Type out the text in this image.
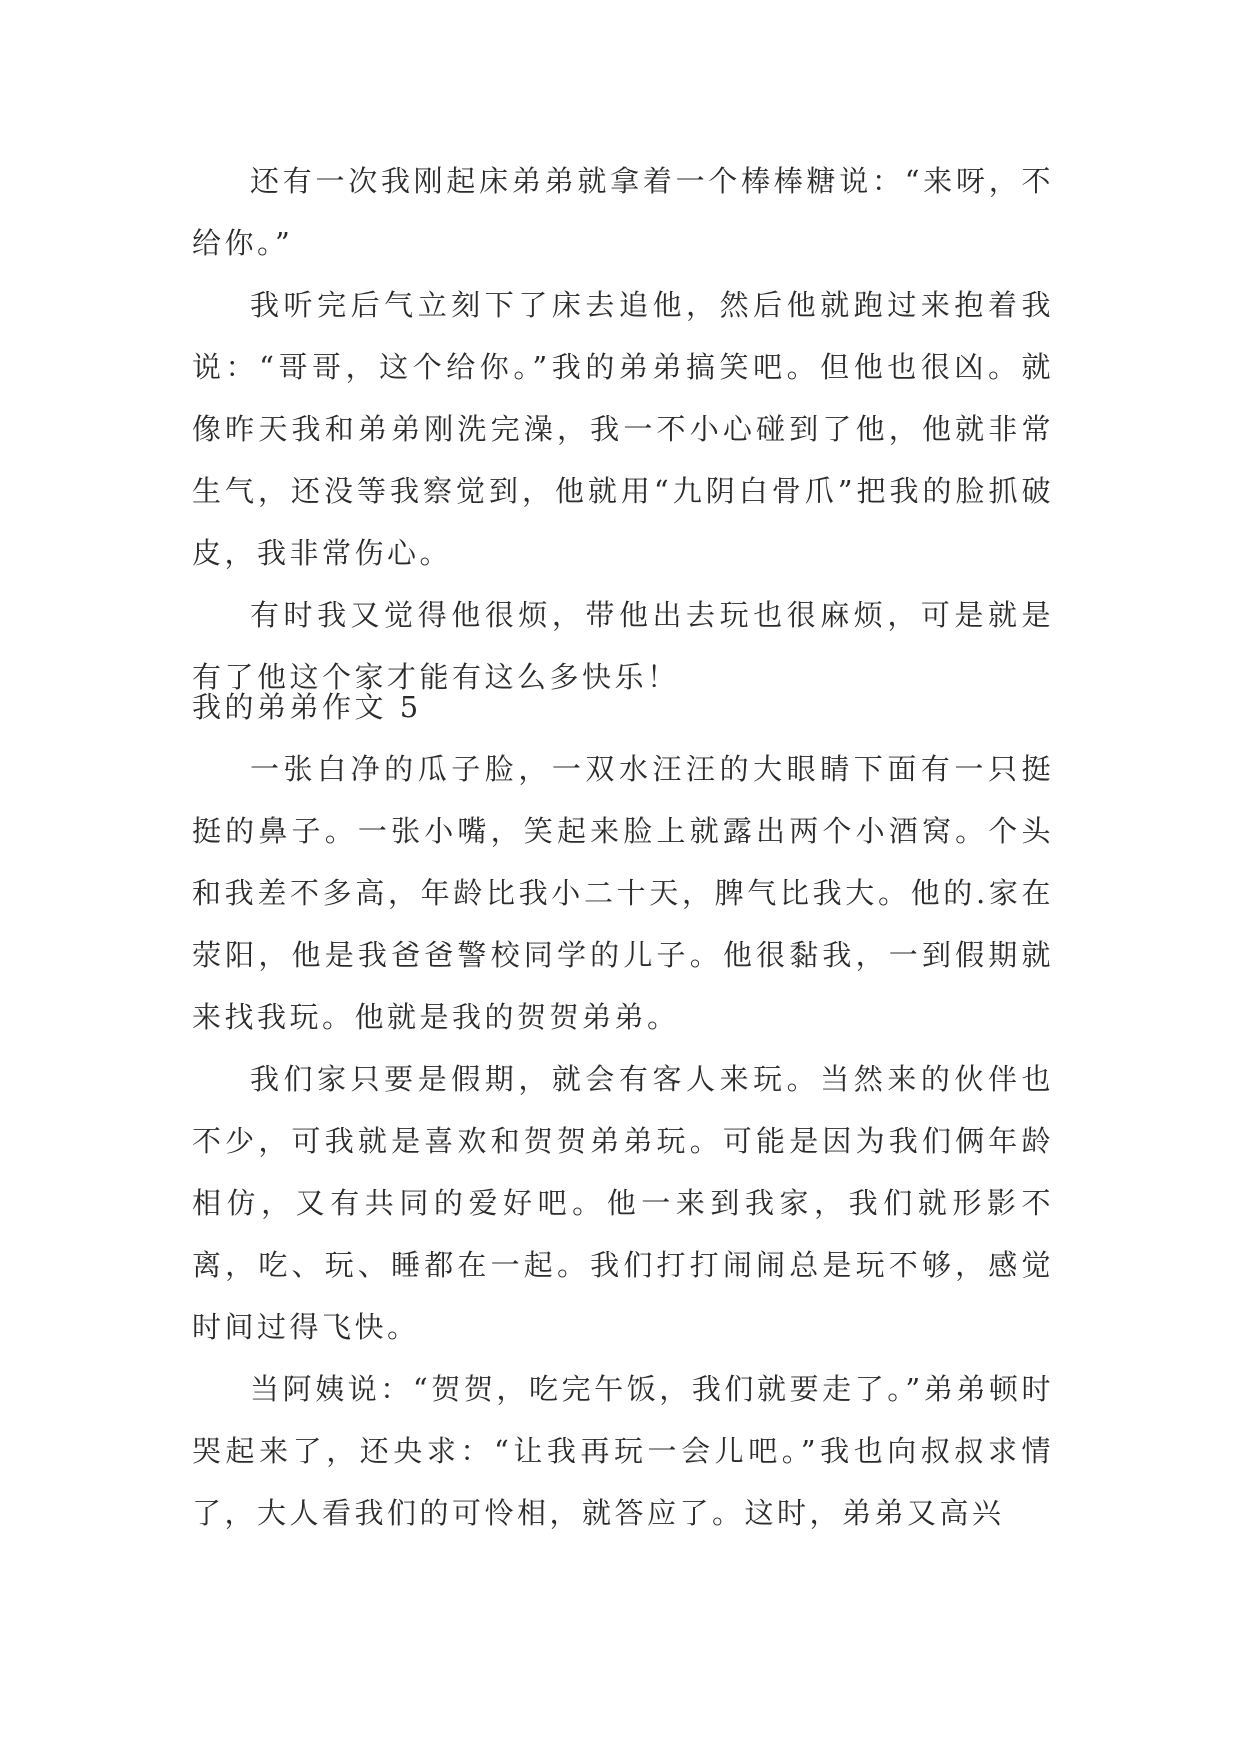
还有一次我刚起床弟弟就拿着一个棒棒糖说：“来呀，不给你。”

我听完后气立刻下了床去追他，然后他就跑过来抱着我说：“哥哥，这个给你。”我的弟弟搞笑吧。但他也很凶。就像昨天我和弟弟刚洗完澡，我一不小心碰到了他，他就非常生气，还没等我察觉到，他就用“九阴白骨爪”把我的脸抓破皮，我非常伤心。

有时我又觉得他很烦，带他出去玩也很麻烦，可是就是有了他这个家才能有这么多快乐！

我的弟弟作文 5

一张白净的瓜子脸，一双水汪汪的大眼睛下面有一只挺挺的鼻子。一张小嘴，笑起来脸上就露出两个小酒窝。个头和我差不多高，年龄比我小二十天，脾气比我大。他的.家在荥阳，他是我爸爸警校同学的儿子。他很黏我，一到假期就来找我玩。他就是我的贺贺弟弟。

我们家只要是假期，就会有客人来玩。当然来的伙伴也不少，可我就是喜欢和贺贺弟弟玩。可能是因为我们俩年龄相仿，又有共同的爱好吧。他一来到我家，我们就形影不离，吃、玩、睡都在一起。我们打打闹闹总是玩不够，感觉时间过得飞快。

当阿姨说：“贺贺，吃完午饭，我们就要走了。”弟弟顿时哭起来了，还央求：“让我再玩一会儿吧。”我也向叔叔求情了，大人看我们的可怜相，就答应了。这时，弟弟又高兴
